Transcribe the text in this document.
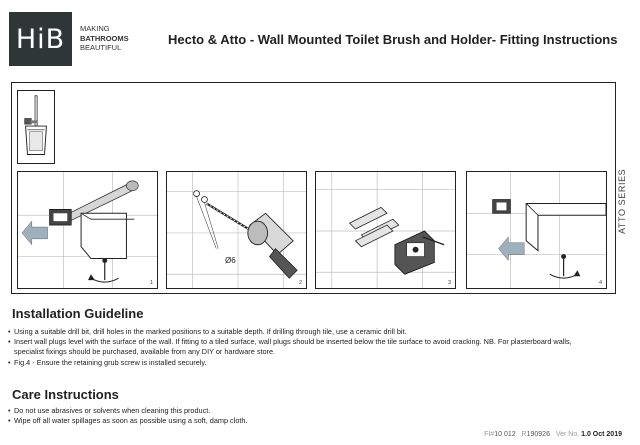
HiB MAKING
BATHROOMS
BEAUTIFUL
Hecto & Atto - Wall Mounted Toilet Brush and Holder- Fitting Instructions
1
Ø6
2	3	4
ATTO SERIES
Installation Guideline
• Using a suitable drill bit, drill holes in the marked positions to a suitable depth. If drilling through tile, use a ceramic drill bit.
• Insert wall plugs level with the surface of the wall. If fitting to a tiled surface, wall plugs should be inserted below the tile surface to avoid cracking. NB. For plasterboard walls, specialist fixings should be purchased, available from any DIY or hardware store.
• Fig.4 - Ensure the retaining grub screw is installed securely.
Care Instructions
• Do not use abrasives or solvents when cleaning this product.
• Wipe off all water spillages as soon as possible using a soft, damp cloth.
FI#10 012 R190926 Ver No. 1.0 Oct 2019
